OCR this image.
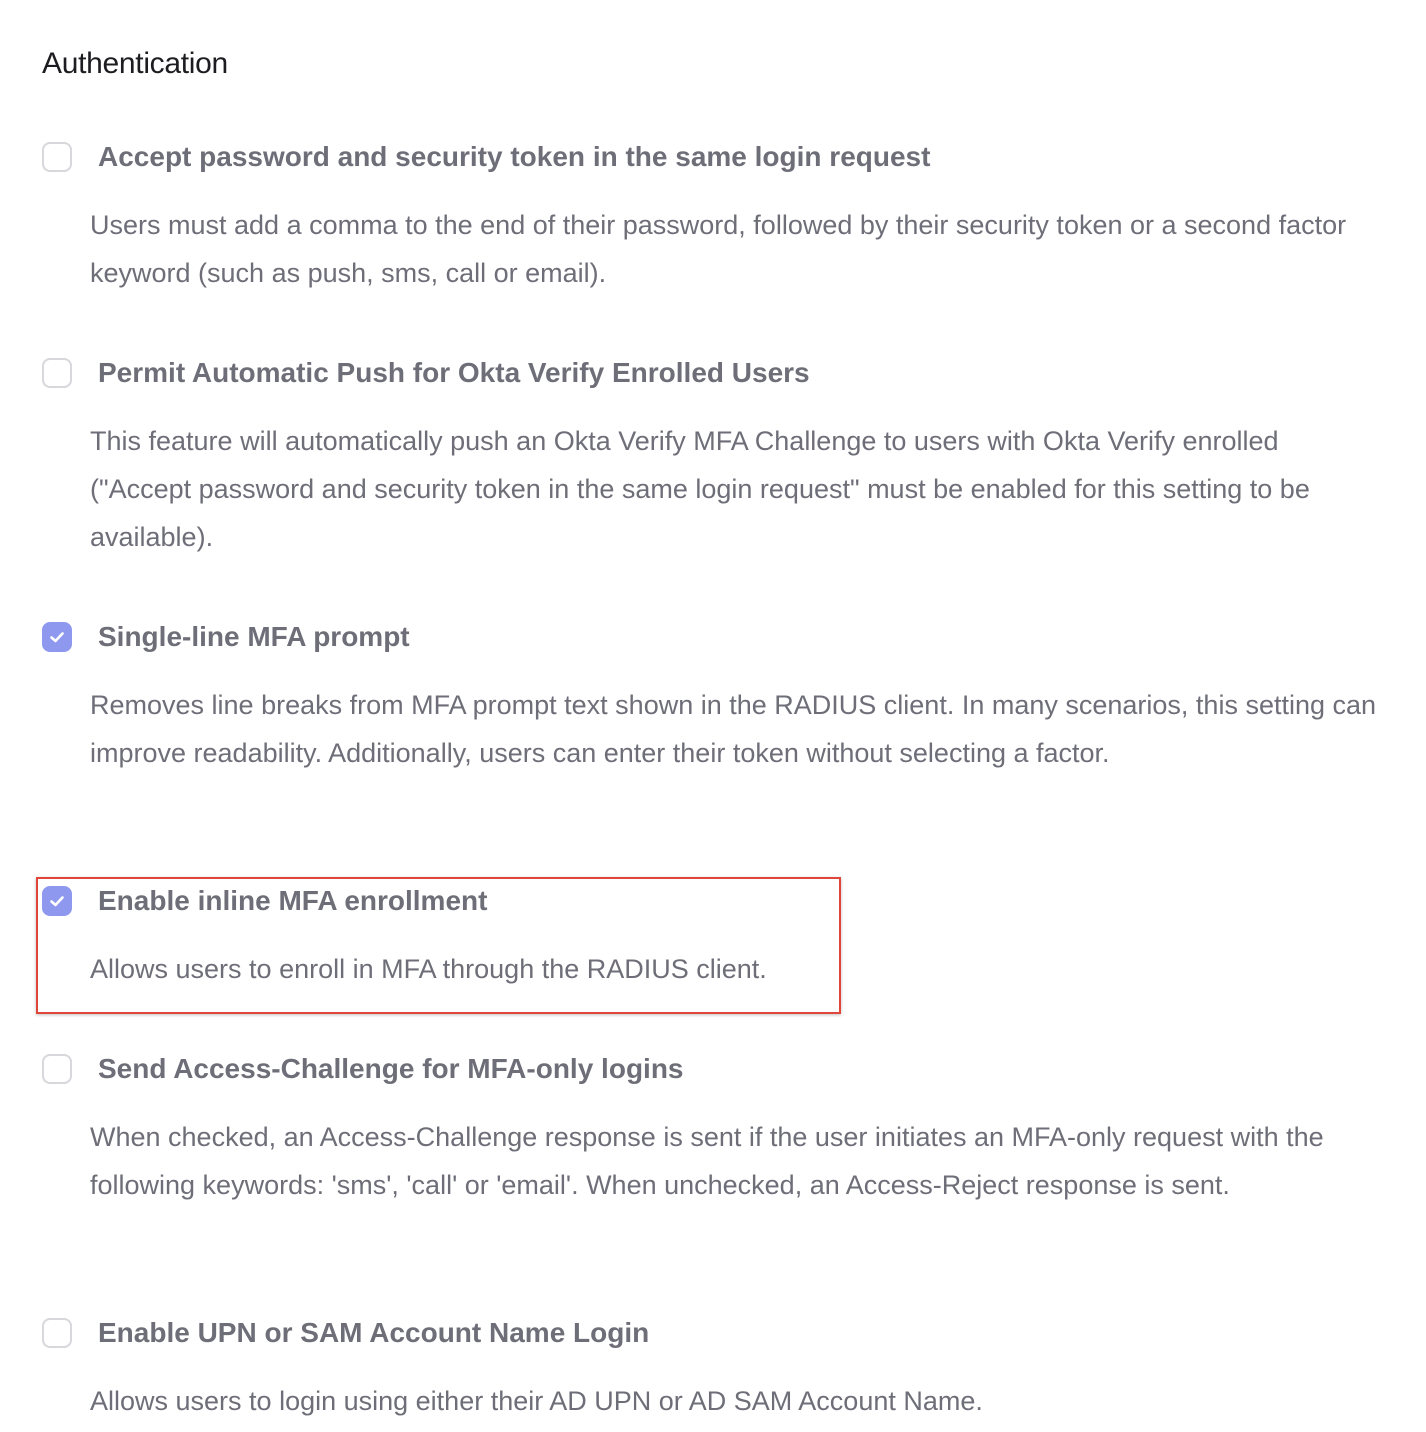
Authentication
Accept password and security token in the same login request
Users must add a comma to the end of their password, followed by their security token or a second factor keyword (such as push, sms, call or email).
Permit Automatic Push for Okta Verify Enrolled Users
This feature will automatically push an Okta Verify MFA Challenge to users with Okta Verify enrolled ("Accept password and security token in the same login request" must be enabled for this setting to be available).
Single-line MFA prompt
Removes line breaks from MFA prompt text shown in the RADIUS client. In many scenarios, this setting can improve readability. Additionally, users can enter their token without selecting a factor.
Enable inline MFA enrollment
Allows users to enroll in MFA through the RADIUS client.
Send Access-Challenge for MFA-only logins
When checked, an Access-Challenge response is sent if the user initiates an MFA-only request with the following keywords: 'sms', 'call' or 'email'. When unchecked, an Access-Reject response is sent.
Enable UPN or SAM Account Name Login
Allows users to login using either their AD UPN or AD SAM Account Name.
